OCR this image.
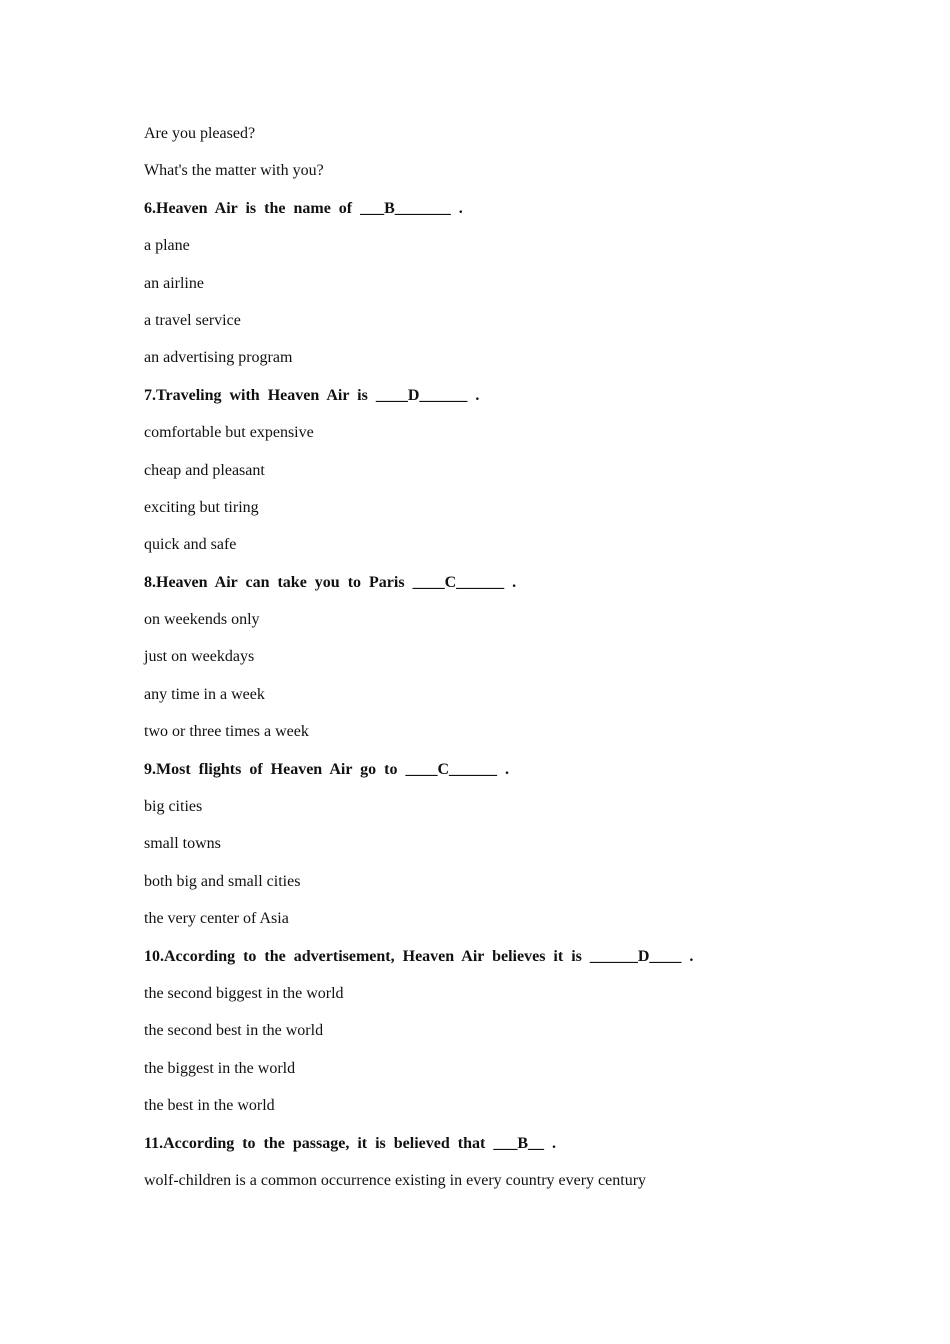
Are you pleased?
What's the matter with you?
6.Heaven Air is the name of ___B_______ .
a plane
an airline
a travel service
an advertising program
7.Traveling with Heaven Air is ____D______ .
comfortable but expensive
cheap and pleasant
exciting but tiring
quick and safe
8.Heaven Air can take you to Paris ____C______ .
on weekends only
just on weekdays
any time in a week
two or three times a week
9.Most flights of Heaven Air go to ____C______ .
big cities
small towns
both big and small cities
the very center of Asia
10.According to the advertisement, Heaven Air believes it is ______D____ .
the second biggest in the world
the second best in the world
the biggest in the world
the best in the world
11.According to the passage, it is believed that ___B__ .
wolf-children is a common occurrence existing in every country every century
